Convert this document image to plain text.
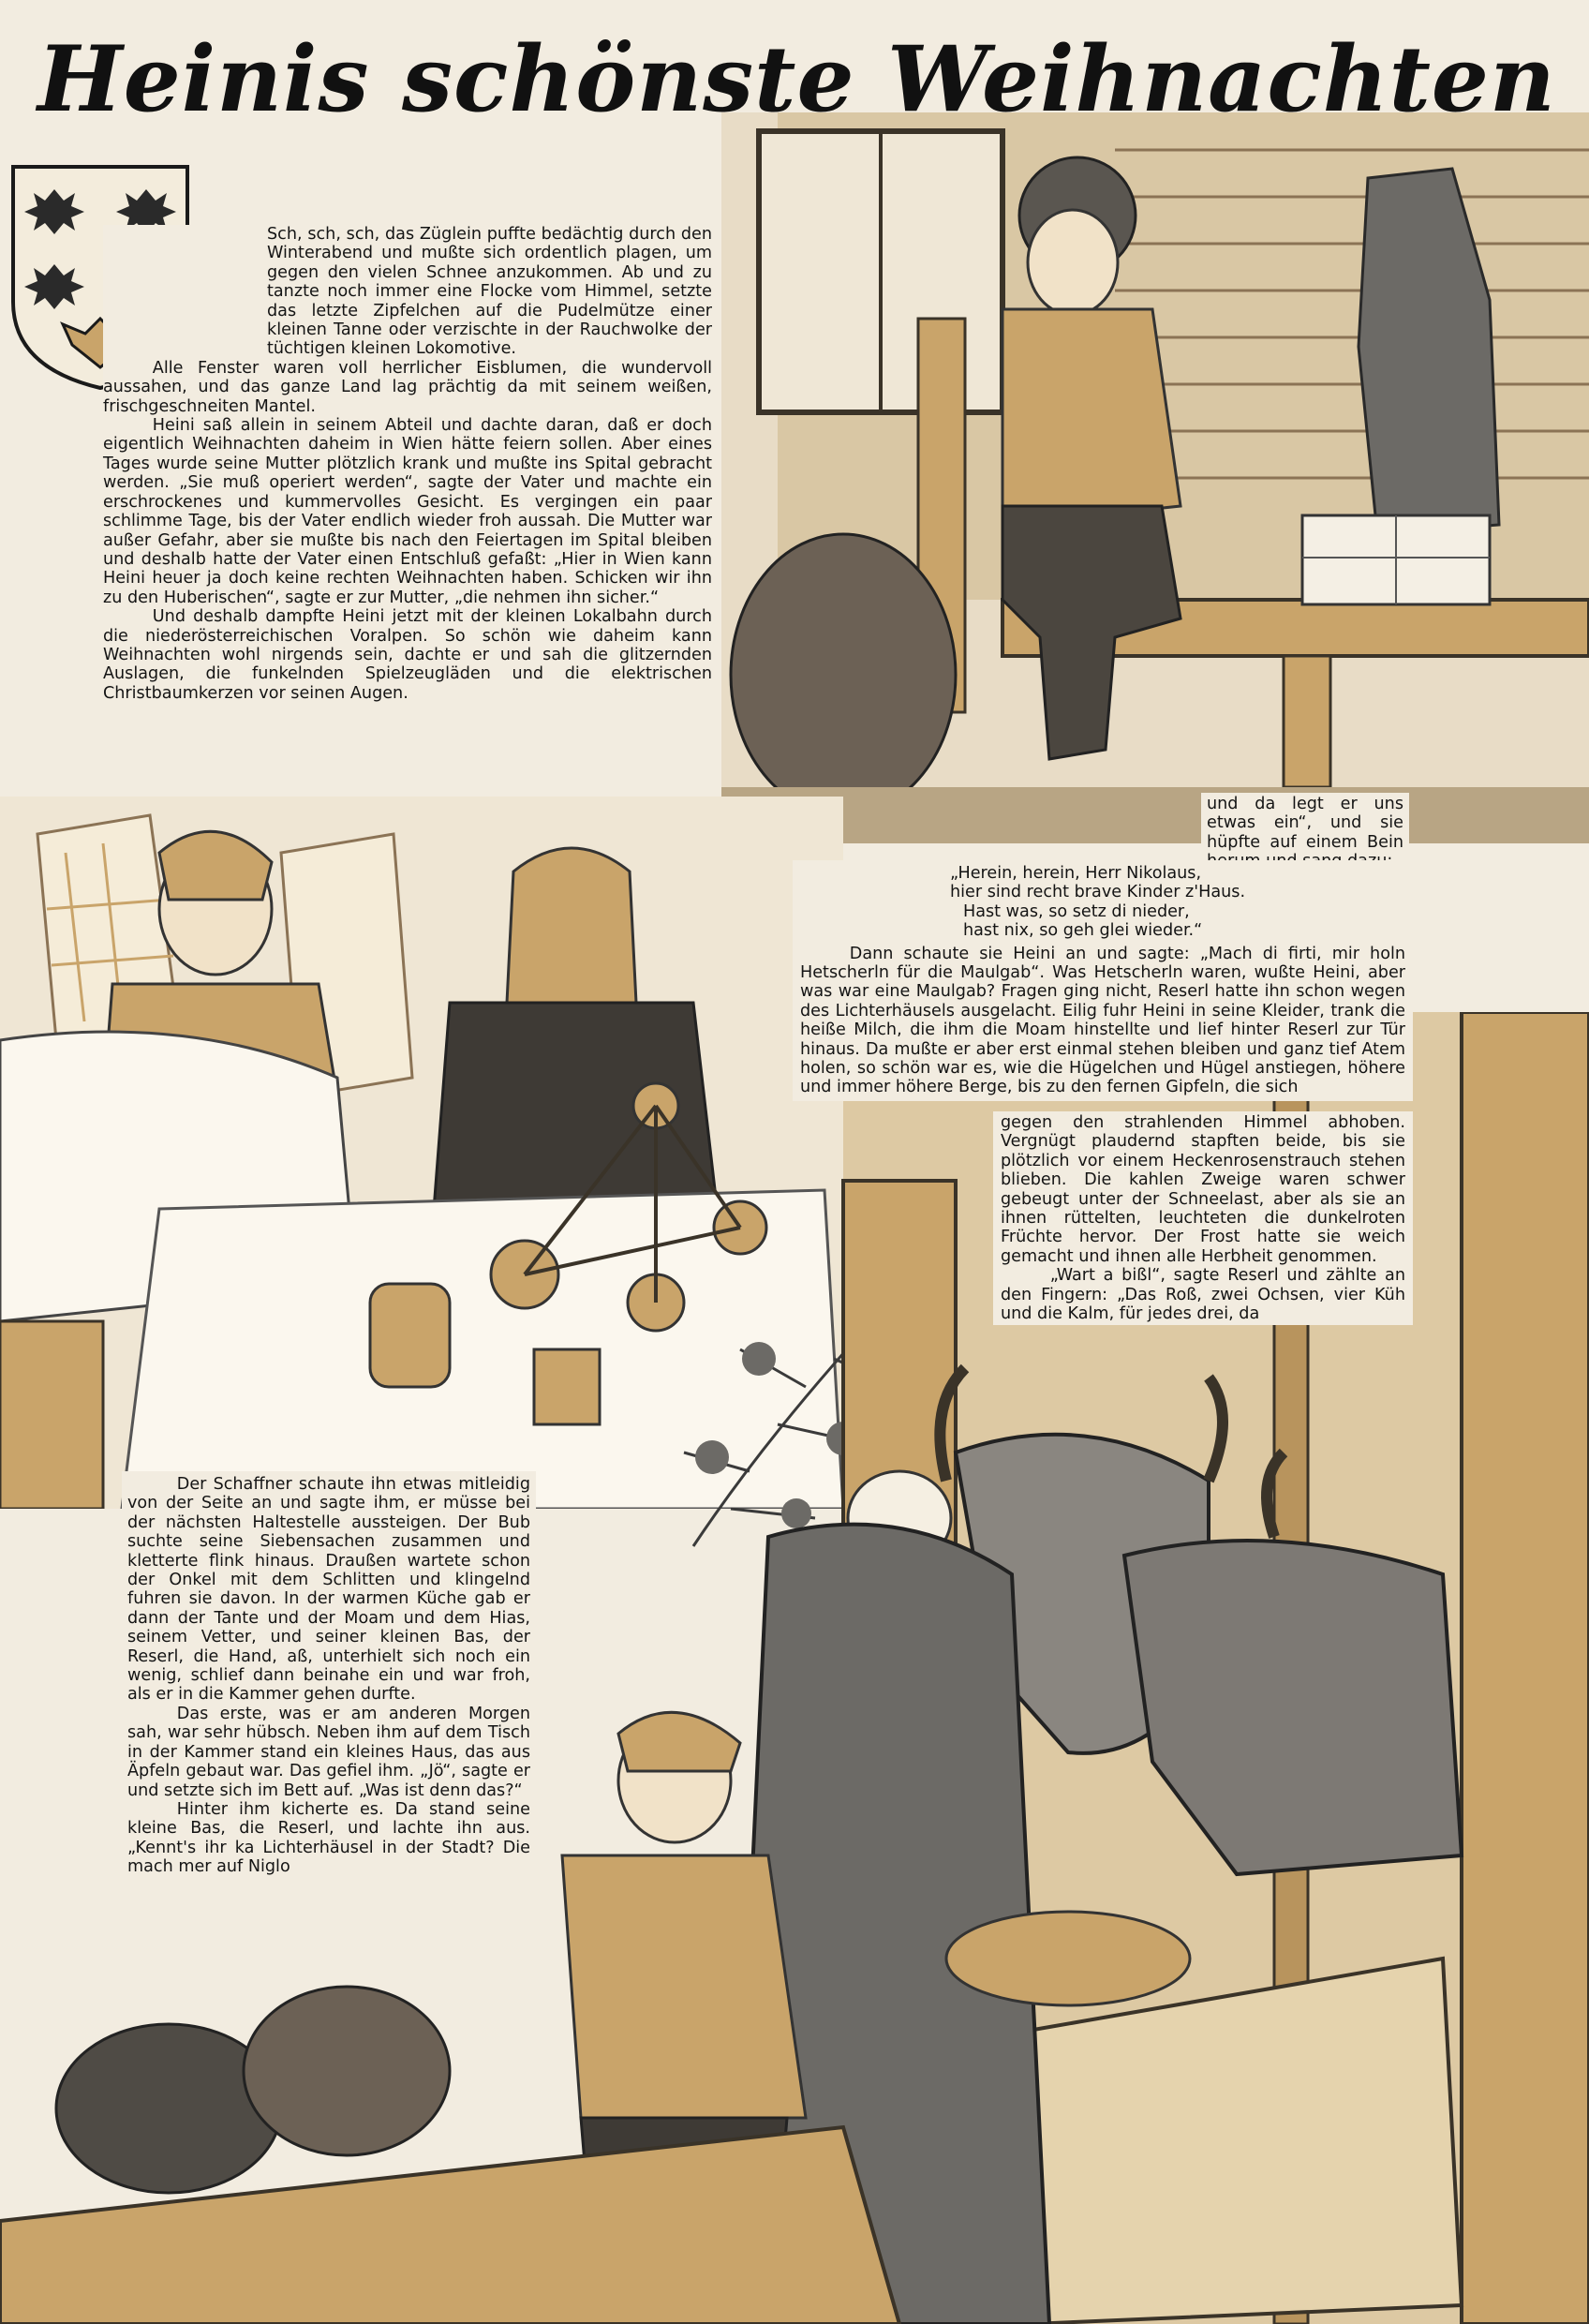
Heinis schönste Weihnachten

Sch, sch, sch, das Züglein puffte bedächtig durch den Winterabend und mußte sich ordentlich plagen, um gegen den vielen Schnee anzukommen. Ab und zu tanzte noch immer eine Flocke vom Himmel, setzte das letzte Zipfelchen auf die Pudelmütze einer kleinen Tanne oder verzischte in der Rauchwolke der tüchtigen kleinen Lokomotive.

Alle Fenster waren voll herrlicher Eisblumen, die wundervoll aussahen, und das ganze Land lag prächtig da mit seinem weißen, frischgeschneiten Mantel.

Heini saß allein in seinem Abteil und dachte daran, daß er doch eigentlich Weihnachten daheim in Wien hätte feiern sollen. Aber eines Tages wurde seine Mutter plötzlich krank und mußte ins Spital gebracht werden. „Sie muß operiert werden“, sagte der Vater und machte ein erschrockenes und kummervolles Gesicht. Es vergingen ein paar schlimme Tage, bis der Vater endlich wieder froh aussah. Die Mutter war außer Gefahr, aber sie mußte bis nach den Feiertagen im Spital bleiben und deshalb hatte der Vater einen Entschluß gefaßt: „Hier in Wien kann Heini heuer ja doch keine rechten Weihnachten haben. Schicken wir ihn zu den Huberischen“, sagte er zur Mutter, „die nehmen ihn sicher.“

Und deshalb dampfte Heini jetzt mit der kleinen Lokalbahn durch die niederösterreichischen Voralpen. So schön wie daheim kann Weihnachten wohl nirgends sein, dachte er und sah die glitzernden Auslagen, die funkelnden Spielzeugläden und die elektrischen Christbaumkerzen vor seinen Augen.

Der Schaffner schaute ihn etwas mitleidig von der Seite an und sagte ihm, er müsse bei der nächsten Haltestelle aussteigen. Der Bub suchte seine Siebensachen zusammen und kletterte flink hinaus. Draußen wartete schon der Onkel mit dem Schlitten und klingelnd fuhren sie davon. In der warmen Küche gab er dann der Tante und der Moam und dem Hias, seinem Vetter, und seiner kleinen Bas, der Reserl, die Hand, aß, unterhielt sich noch ein wenig, schlief dann beinahe ein und war froh, als er in die Kammer gehen durfte.

Das erste, was er am anderen Morgen sah, war sehr hübsch. Neben ihm auf dem Tisch in der Kammer stand ein kleines Haus, das aus Äpfeln gebaut war. Das gefiel ihm. „Jö“, sagte er und setzte sich im Bett auf. „Was ist denn das?“

Hinter ihm kicherte es. Da stand seine kleine Bas, die Reserl, und lachte ihn aus. „Kennt's ihr ka Lichterhäusel in der Stadt? Die mach mer auf Niglo

und da legt er uns etwas ein“, und sie hüpfte auf einem Bein

„Herein, herein, Herr Nikolaus,
hier sind recht brave Kinder z'Haus.
Hast was, so setz di nieder,
hast nix, so geh glei wieder.“

Dann schaute sie Heini an und sagte: „Mach di firti, mir holn Hetscherln für die Maulgab“. Was Hetscherln waren, wußte Heini, aber was war eine Maulgab? Fragen ging nicht, Reserl hatte ihn schon wegen des Lichterhäusels ausgelacht. Eilig fuhr Heini in seine Kleider, trank die heiße Milch, die ihm die Moam hinstellte und lief hinter Reserl zur Tür hinaus. Da mußte er aber erst einmal stehen bleiben und ganz tief Atem holen, so schön war es, wie die Hügelchen und Hügel anstiegen, höhere und immer höhere Berge, bis zu den fernen Gipfeln, die sich

gegen den strahlenden Himmel abhoben. Vergnügt plaudernd stapften beide, bis sie plötzlich vor einem Heckenrosenstrauch stehen blieben. Die kahlen Zweige waren schwer gebeugt unter der Schneelast, aber als sie an ihnen rüttelten, leuchteten die dunkelroten Früchte hervor. Der Frost hatte sie weich gemacht und ihnen alle Herbheit genommen.

„Wart a bißl“, sagte Reserl und zählte an den Fingern: „Das Roß, zwei Ochsen, vier Küh und die Kalm, für jedes drei, da
